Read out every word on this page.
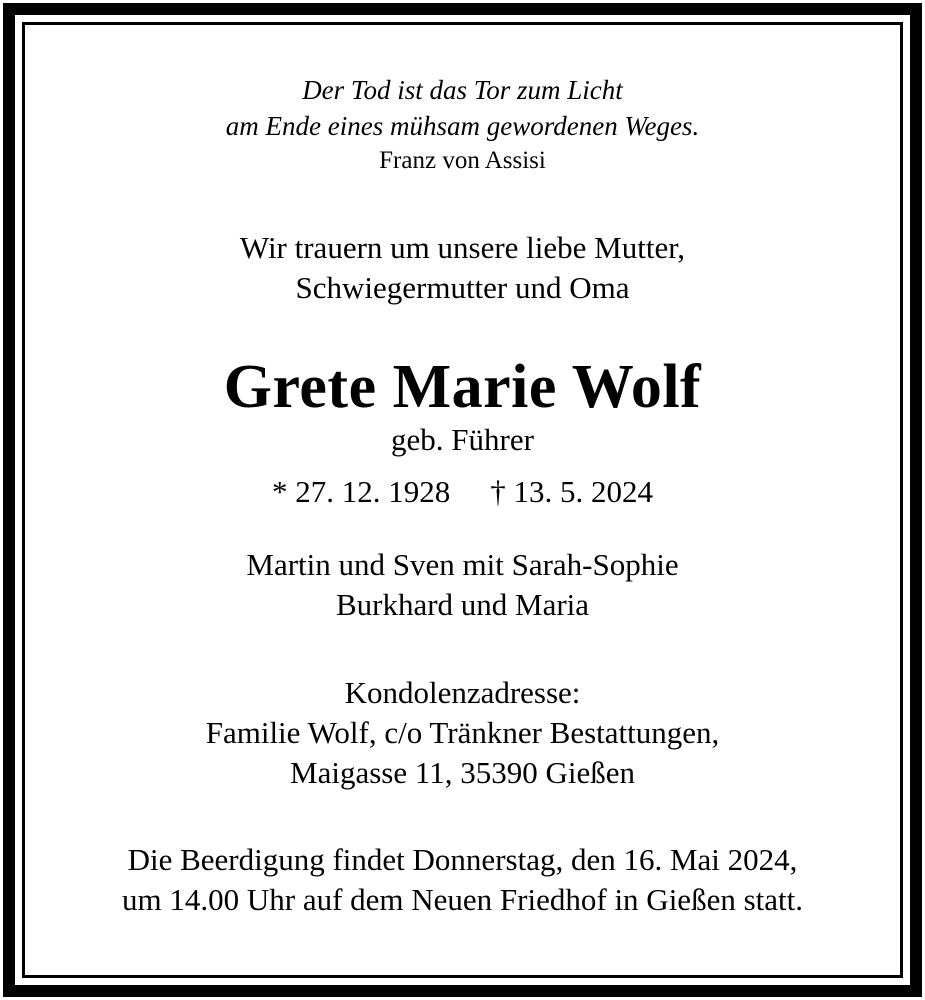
Der Tod ist das Tor zum Licht
am Ende eines mühsam gewordenen Weges.
Franz von Assisi
Wir trauern um unsere liebe Mutter,
Schwiegermutter und Oma
Grete Marie Wolf
geb. Führer
* 27. 12. 1928 † 13. 5. 2024
Martin und Sven mit Sarah-Sophie
Burkhard und Maria
Kondolenzadresse:
Familie Wolf, c/o Tränkner Bestattungen,
Maigasse 11, 35390 Gießen
Die Beerdigung findet Donnerstag, den 16. Mai 2024,
um 14.00 Uhr auf dem Neuen Friedhof in Gießen statt.
